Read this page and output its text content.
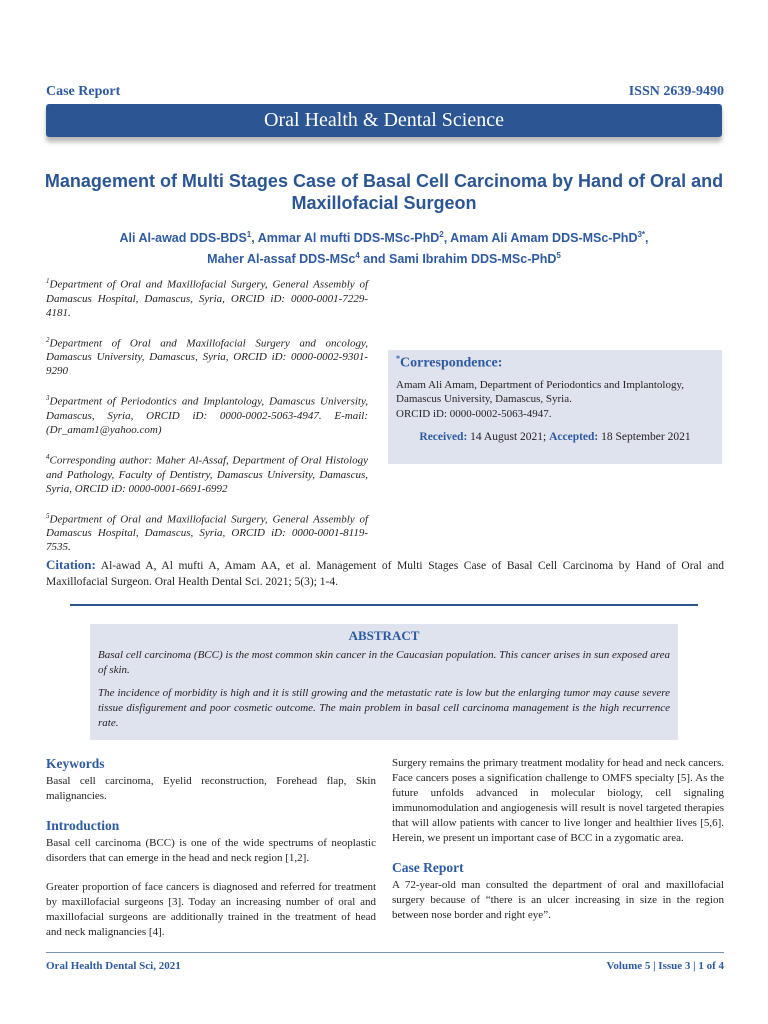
Case Report	ISSN 2639-9490
Oral Health & Dental Science
Management of Multi Stages Case of Basal Cell Carcinoma by Hand of Oral and Maxillofacial Surgeon
Ali Al-awad DDS-BDS$^1$, Ammar Al mufti DDS-MSc-PhD$^2$, Amam Ali Amam DDS-MSc-PhD$^{3*}$,
Maher Al-assaf DDS-MSc$^4$ and Sami Ibrahim DDS-MSc-PhD$^5$

$^1$Department of Oral and Maxillofacial Surgery, General Assembly of Damascus Hospital, Damascus, Syria, ORCID iD: 0000-0001-7229-4181.

$^2$Department of Oral and Maxillofacial Surgery and oncology, Damascus University, Damascus, Syria, ORCID iD: 0000-0002-9301-9290

$^3$Department of Periodontics and Implantology, Damascus University, Damascus, Syria, ORCID iD: 0000-0002-5063-4947. E-mail: (Dr_amam1@yahoo.com)

$^4$Corresponding author: Maher Al-Assaf, Department of Oral Histology and Pathology, Faculty of Dentistry, Damascus University, Damascus, Syria, ORCID iD: 0000-0001-6691-6992

$^5$Department of Oral and Maxillofacial Surgery, General Assembly of Damascus Hospital, Damascus, Syria, ORCID iD: 0000-0001-8119-7535.

*Correspondence:

Amam Ali Amam, Department of Periodontics and Implantology, Damascus University, Damascus, Syria.

ORCID iD: 0000-0002-5063-4947.

Received: 14 August 2021; Accepted: 18 September 2021

Citation: Al-awad A, Al mufti A, Amam AA, et al. Management of Multi Stages Case of Basal Cell Carcinoma by Hand of Oral and Maxillofacial Surgeon. Oral Health Dental Sci. 2021; 5(3); 1-4.

ABSTRACT

Basal cell carcinoma (BCC) is the most common skin cancer in the Caucasian population. This cancer arises in sun exposed area of skin.

The incidence of morbidity is high and it is still growing and the metastatic rate is low but the enlarging tumor may cause severe tissue disfigurement and poor cosmetic outcome. The main problem in basal cell carcinoma management is the high recurrence rate.

Keywords

Basal cell carcinoma, Eyelid reconstruction, Forehead flap, Skin malignancies.

Introduction

Basal cell carcinoma (BCC) is one of the wide spectrums of neoplastic disorders that can emerge in the head and neck region [1,2].

Greater proportion of face cancers is diagnosed and referred for treatment by maxillofacial surgeons [3]. Today an increasing number of oral and maxillofacial surgeons are additionally trained in the treatment of head and neck malignancies [4].

Surgery remains the primary treatment modality for head and neck cancers. Face cancers poses a signification challenge to OMFS specialty [5]. As the future unfolds advanced in molecular biology, cell signaling immunomodulation and angiogenesis will result is novel targeted therapies that will allow patients with cancer to live longer and healthier lives [5,6]. Herein, we present un important case of BCC in a zygomatic area.

Case Report

A 72-year-old man consulted the department of oral and maxillofacial surgery because of “there is an ulcer increasing in size in the region between nose border and right eye”.

Oral Health Dental Sci, 2021	Volume 5 | Issue 3 | 1 of 4
